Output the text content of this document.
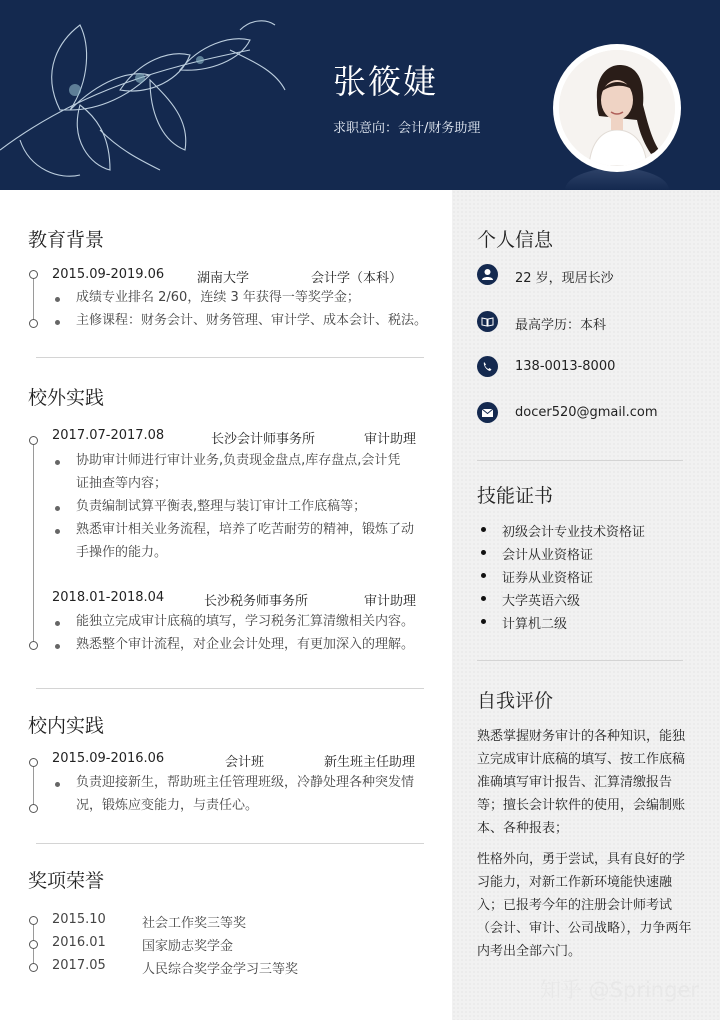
张筱婕
求职意向：会计/财务助理
教育背景
2015.09-2019.06	湖南大学	会计学（本科）
成绩专业排名 2/60，连续 3 年获得一等奖学金；
主修课程：财务会计、财务管理、审计学、成本会计、税法。
校外实践
2017.07-2017.08	长沙会计师事务所	审计助理
协助审计师进行审计业务,负责现金盘点,库存盘点,会计凭
证抽查等内容；
负责编制试算平衡表,整理与装订审计工作底稿等；
熟悉审计相关业务流程，培养了吃苦耐劳的精神，锻炼了动
手操作的能力。
2018.01-2018.04	长沙税务师事务所	审计助理
能独立完成审计底稿的填写，学习税务汇算清缴相关内容。
熟悉整个审计流程，对企业会计处理，有更加深入的理解。
校内实践
2015.09-2016.06	会计班	新生班主任助理
负责迎接新生，帮助班主任管理班级，冷静处理各种突发情
况，锻炼应变能力，与责任心。
奖项荣誉
2015.10	社会工作奖三等奖
2016.01	国家励志奖学金
2017.05	人民综合奖学金学习三等奖
个人信息
22 岁，现居长沙
最高学历：本科
138-0013-8000
docer520@gmail.com
技能证书
初级会计专业技术资格证
会计从业资格证
证券从业资格证
大学英语六级
计算机二级
自我评价
熟悉掌握财务审计的各种知识，能独
立完成审计底稿的填写、按工作底稿
准确填写审计报告、汇算清缴报告
等；擅长会计软件的使用，会编制账
本、各种报表；
性格外向，勇于尝试，具有良好的学
习能力，对新工作新环境能快速融
入；已报考今年的注册会计师考试
（会计、审计、公司战略），力争两年
内考出全部六门。
知乎 @Springer
